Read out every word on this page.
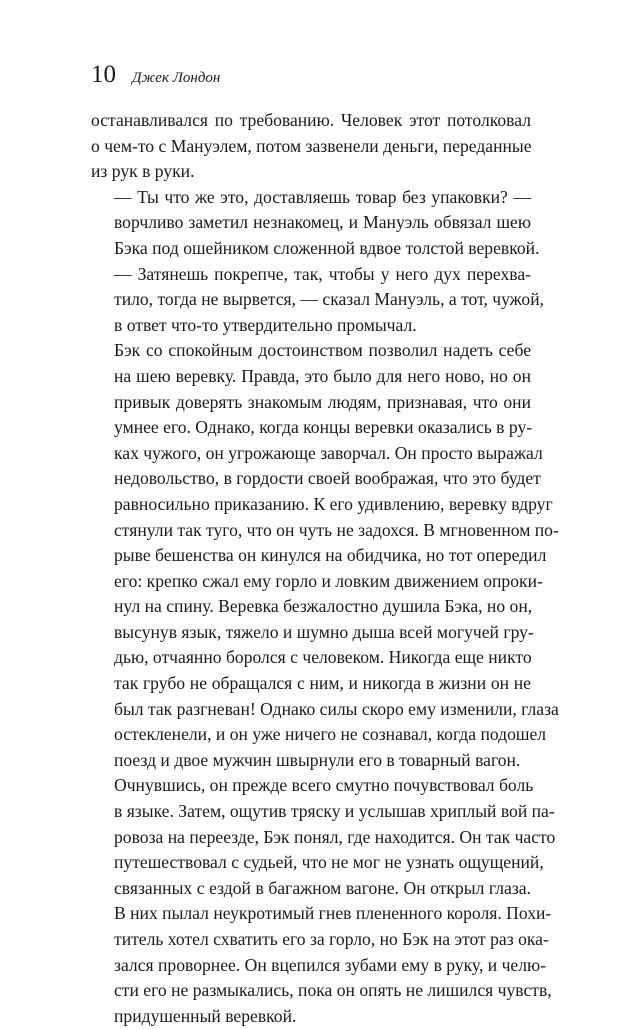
10 Джек Лондон

останавливался по требованию. Человек этот потолковал
о чем-то с Мануэлем, потом зазвенели деньги, переданные
из рук в руки.

— Ты что же это, доставляешь товар без упаковки? —
ворчливо заметил незнакомец, и Мануэль обвязал шею
Бэка под ошейником сложенной вдвое толстой веревкой.

— Затянешь покрепче, так, чтобы у него дух перехва-
тило, тогда не вырвется, — сказал Мануэль, а тот, чужой,
в ответ что-то утвердительно промычал.

Бэк со спокойным достоинством позволил надеть себе
на шею веревку. Правда, это было для него ново, но он
привык доверять знакомым людям, признавая, что они
умнее его. Однако, когда концы веревки оказались в ру-
ках чужого, он угрожающе заворчал. Он просто выражал
недовольство, в гордости своей воображая, что это будет
равносильно приказанию. К его удивлению, веревку вдруг
стянули так туго, что он чуть не задохся. В мгновенном по-
рыве бешенства он кинулся на обидчика, но тот опередил
его: крепко сжал ему горло и ловким движением опроки-
нул на спину. Веревка безжалостно душила Бэка, но он,
высунув язык, тяжело и шумно дыша всей могучей гру-
дью, отчаянно боролся с человеком. Никогда еще никто
так грубо не обращался с ним, и никогда в жизни он не
был так разгневан! Однако силы скоро ему изменили, глаза
остекленели, и он уже ничего не сознавал, когда подошел
поезд и двое мужчин швырнули его в товарный вагон.

Очнувшись, он прежде всего смутно почувствовал боль
в языке. Затем, ощутив тряску и услышав хриплый вой па-
ровоза на переезде, Бэк понял, где находится. Он так часто
путешествовал с судьей, что не мог не узнать ощущений,
связанных с ездой в багажном вагоне. Он открыл глаза.
В них пылал неукротимый гнев плененного короля. Похи-
титель хотел схватить его за горло, но Бэк на этот раз ока-
зался проворнее. Он вцепился зубами ему в руку, и челю-
сти его не размыкались, пока он опять не лишился чувств,
придушенный веревкой.
